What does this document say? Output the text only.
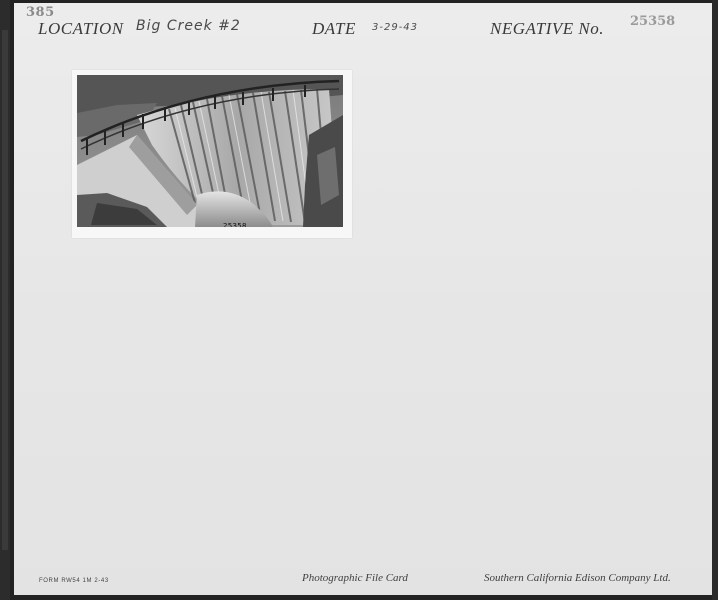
385
LOCATION Big Creek #2	DATE 3-29-43	NEGATIVE No. 25358
25358
FORM RW54 1M 2-43	Photographic File Card	Southern California Edison Company Ltd.
